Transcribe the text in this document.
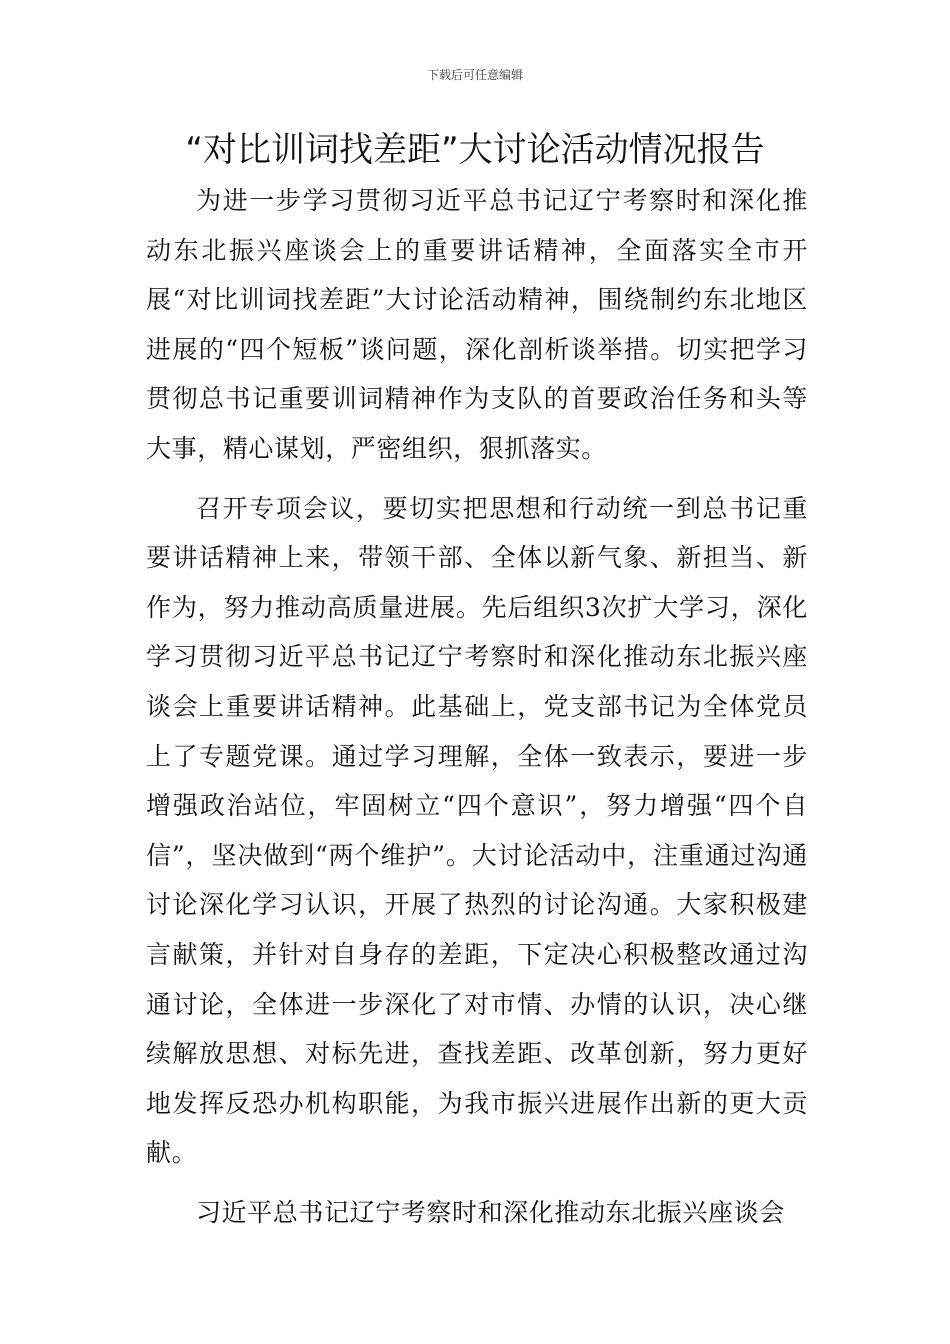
下载后可任意编辑
“对比训词找差距”大讨论活动情况报告

为进一步学习贯彻习近平总书记辽宁考察时和深化推动东北振兴座谈会上的重要讲话精神，全面落实全市开展“对比训词找差距”大讨论活动精神，围绕制约东北地区进展的“四个短板”谈问题，深化剖析谈举措。切实把学习贯彻总书记重要训词精神作为支队的首要政治任务和头等大事，精心谋划，严密组织，狠抓落实。

召开专项会议，要切实把思想和行动统一到总书记重要讲话精神上来，带领干部、全体以新气象、新担当、新作为，努力推动高质量进展。先后组织3次扩大学习，深化学习贯彻习近平总书记辽宁考察时和深化推动东北振兴座谈会上重要讲话精神。此基础上，党支部书记为全体党员上了专题党课。通过学习理解，全体一致表示，要进一步增强政治站位，牢固树立“四个意识”，努力增强“四个自信”，坚决做到“两个维护”。大讨论活动中，注重通过沟通讨论深化学习认识，开展了热烈的讨论沟通。大家积极建言献策，并针对自身存的差距，下定决心积极整改通过沟通讨论，全体进一步深化了对市情、办情的认识，决心继续解放思想、对标先进，查找差距、改革创新，努力更好地发挥反恐办机构职能，为我市振兴进展作出新的更大贡献。

习近平总书记辽宁考察时和深化推动东北振兴座谈会
